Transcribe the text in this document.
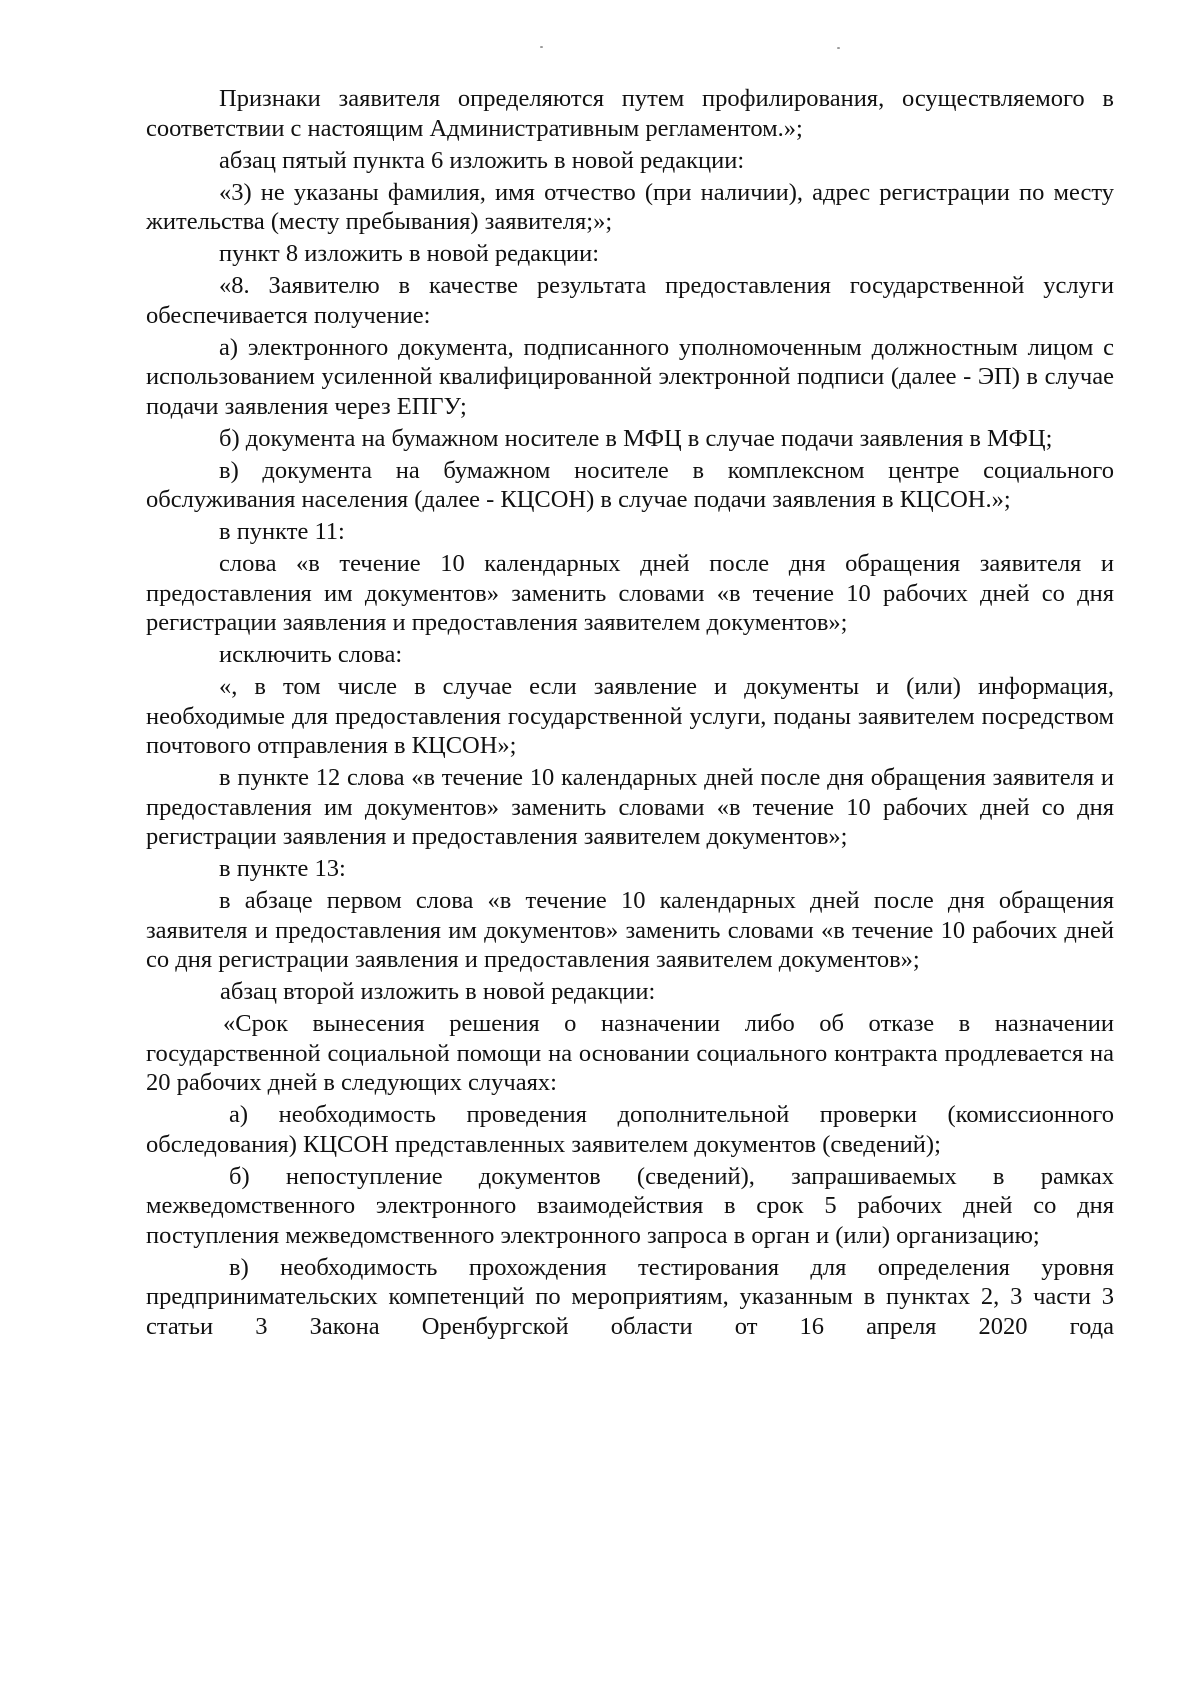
Признаки заявителя определяются путем профилирования, осуществляемого в соответствии с настоящим Административным регламентом.»;

абзац пятый пункта 6 изложить в новой редакции:

«3) не указаны фамилия, имя отчество (при наличии), адрес регистрации по месту жительства (месту пребывания) заявителя;»;

пункт 8 изложить в новой редакции:

«8. Заявителю в качестве результата предоставления государственной услуги обеспечивается получение:

а) электронного документа, подписанного уполномоченным должностным лицом с использованием усиленной квалифицированной электронной подписи (далее - ЭП) в случае подачи заявления через ЕПГУ;

б) документа на бумажном носителе в МФЦ в случае подачи заявления в МФЦ;

в) документа на бумажном носителе в комплексном центре социального обслуживания населения (далее - КЦСОН) в случае подачи заявления в КЦСОН.»;

в пункте 11:

слова «в течение 10 календарных дней после дня обращения заявителя и предоставления им документов» заменить словами «в течение 10 рабочих дней со дня регистрации заявления и предоставления заявителем документов»;

исключить слова:

«, в том числе в случае если заявление и документы и (или) информация, необходимые для предоставления государственной услуги, поданы заявителем посредством почтового отправления в КЦСОН»;

в пункте 12 слова «в течение 10 календарных дней после дня обращения заявителя и предоставления им документов» заменить словами «в течение 10 рабочих дней со дня регистрации заявления и предоставления заявителем документов»;

в пункте 13:

в абзаце первом слова «в течение 10 календарных дней после дня обращения заявителя и предоставления им документов» заменить словами «в течение 10 рабочих дней со дня регистрации заявления и предоставления заявителем документов»;

абзац второй изложить в новой редакции:

«Срок вынесения решения о назначении либо об отказе в назначении государственной социальной помощи на основании социального контракта продлевается на 20 рабочих дней в следующих случаях:

а) необходимость проведения дополнительной проверки (комиссионного обследования) КЦСОН представленных заявителем документов (сведений);

б) непоступление документов (сведений), запрашиваемых в рамках межведомственного электронного взаимодействия в срок 5 рабочих дней со дня поступления межведомственного электронного запроса в орган и (или) организацию;

в) необходимость прохождения тестирования для определения уровня предпринимательских компетенций по мероприятиям, указанным в пунктах 2, 3 части 3 статьи 3 Закона Оренбургской области от 16 апреля 2020 года
